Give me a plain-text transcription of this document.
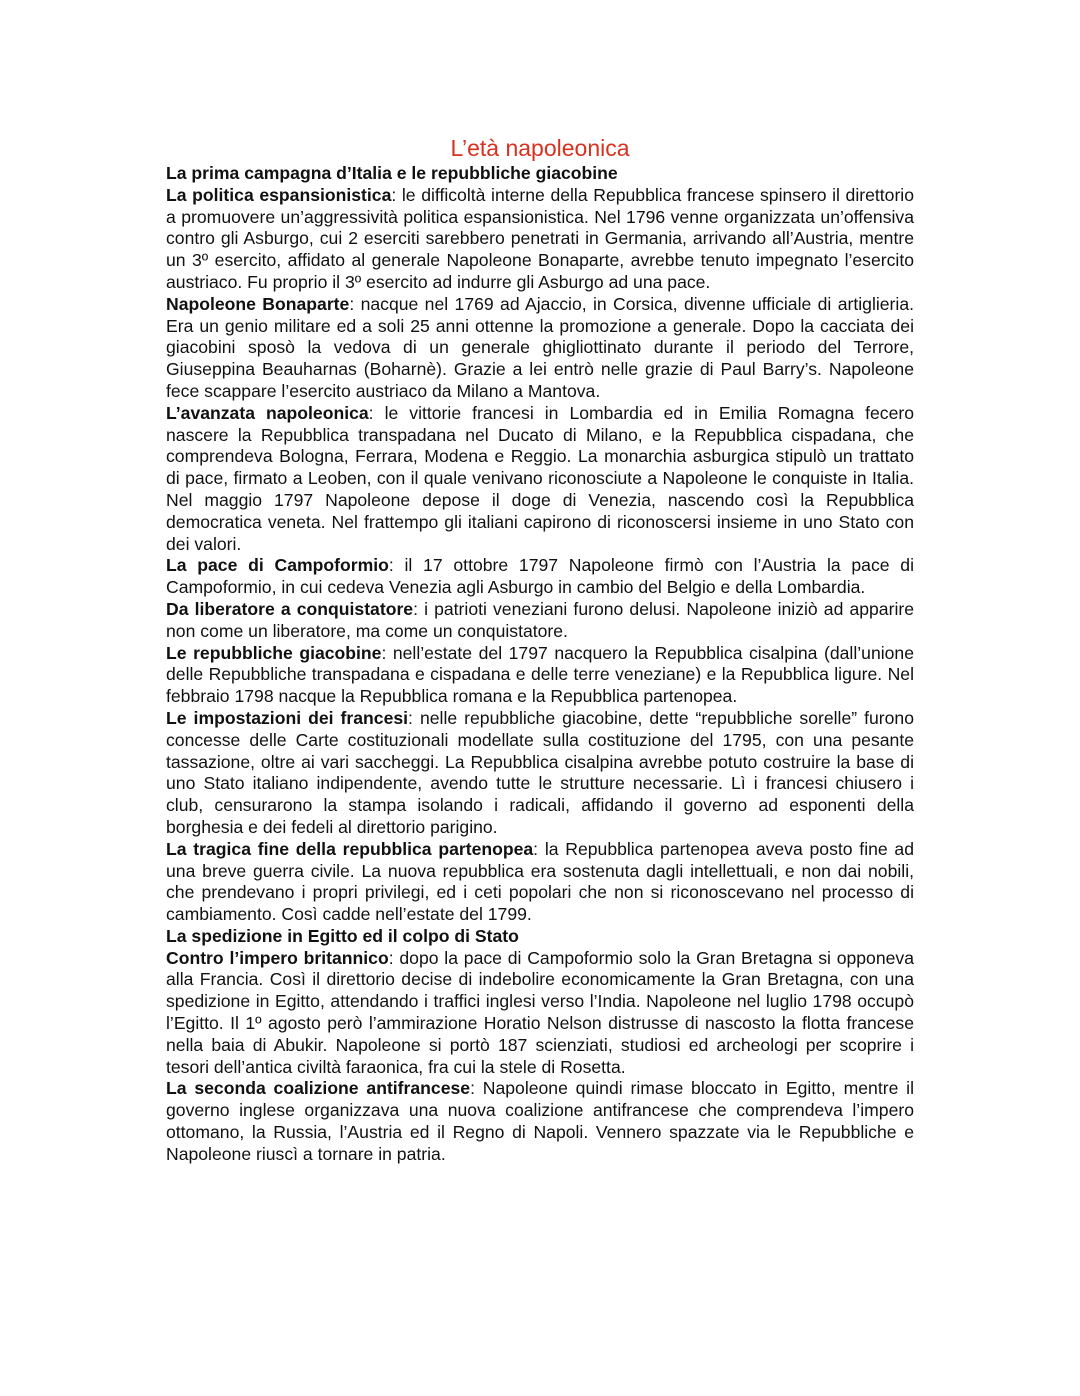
L’età napoleonica
La prima campagna d’Italia e le repubbliche giacobine

La politica espansionistica: le difficoltà interne della Repubblica francese spinsero il direttorio a promuovere un’aggressività politica espansionistica. Nel 1796 venne organizzata un’offensiva contro gli Asburgo, cui 2 eserciti sarebbero penetrati in Germania, arrivando all’Austria, mentre un 3º esercito, affidato al generale Napoleone Bonaparte, avrebbe tenuto impegnato l’esercito austriaco. Fu proprio il 3º esercito ad indurre gli Asburgo ad una pace.

Napoleone Bonaparte: nacque nel 1769 ad Ajaccio, in Corsica, divenne ufficiale di artiglieria. Era un genio militare ed a soli 25 anni ottenne la promozione a generale. Dopo la cacciata dei giacobini sposò la vedova di un generale ghigliottinato durante il periodo del Terrore, Giuseppina Beauharnas (Boharnè). Grazie a lei entrò nelle grazie di Paul Barry’s. Napoleone fece scappare l’esercito austriaco da Milano a Mantova.

L’avanzata napoleonica: le vittorie francesi in Lombardia ed in Emilia Romagna fecero nascere la Repubblica transpadana nel Ducato di Milano, e la Repubblica cispadana, che comprendeva Bologna, Ferrara, Modena e Reggio. La monarchia asburgica stipulò un trattato di pace, firmato a Leoben, con il quale venivano riconosciute a Napoleone le conquiste in Italia. Nel maggio 1797 Napoleone depose il doge di Venezia, nascendo così la Repubblica democratica veneta. Nel frattempo gli italiani capirono di riconoscersi insieme in uno Stato con dei valori.

La pace di Campoformio: il 17 ottobre 1797 Napoleone firmò con l’Austria la pace di Campoformio, in cui cedeva Venezia agli Asburgo in cambio del Belgio e della Lombardia.

Da liberatore a conquistatore: i patrioti veneziani furono delusi. Napoleone iniziò ad apparire non come un liberatore, ma come un conquistatore.

Le repubbliche giacobine: nell’estate del 1797 nacquero la Repubblica cisalpina (dall’unione delle Repubbliche transpadana e cispadana e delle terre veneziane) e la Repubblica ligure. Nel febbraio 1798 nacque la Repubblica romana e la Repubblica partenopea.

Le impostazioni dei francesi: nelle repubbliche giacobine, dette “repubbliche sorelle” furono concesse delle Carte costituzionali modellate sulla costituzione del 1795, con una pesante tassazione, oltre ai vari saccheggi. La Repubblica cisalpina avrebbe potuto costruire la base di uno Stato italiano indipendente, avendo tutte le strutture necessarie. Lì i francesi chiusero i club, censurarono la stampa isolando i radicali, affidando il governo ad esponenti della borghesia e dei fedeli al direttorio parigino.

La tragica fine della repubblica partenopea: la Repubblica partenopea aveva posto fine ad una breve guerra civile. La nuova repubblica era sostenuta dagli intellettuali, e non dai nobili, che prendevano i propri privilegi, ed i ceti popolari che non si riconoscevano nel processo di cambiamento. Così cadde nell’estate del 1799.

La spedizione in Egitto ed il colpo di Stato

Contro l’impero britannico: dopo la pace di Campoformio solo la Gran Bretagna si opponeva alla Francia. Così il direttorio decise di indebolire economicamente la Gran Bretagna, con una spedizione in Egitto, attendando i traffici inglesi verso l’India. Napoleone nel luglio 1798 occupò l’Egitto. Il 1º agosto però l’ammirazione Horatio Nelson distrusse di nascosto la flotta francese nella baia di Abukir. Napoleone si portò 187 scienziati, studiosi ed archeologi per scoprire i tesori dell’antica civiltà faraonica, fra cui la stele di Rosetta.

La seconda coalizione antifrancese: Napoleone quindi rimase bloccato in Egitto, mentre il governo inglese organizzava una nuova coalizione antifrancese che comprendeva l’impero ottomano, la Russia, l’Austria ed il Regno di Napoli. Vennero spazzate via le Repubbliche e Napoleone riuscì a tornare in patria.
